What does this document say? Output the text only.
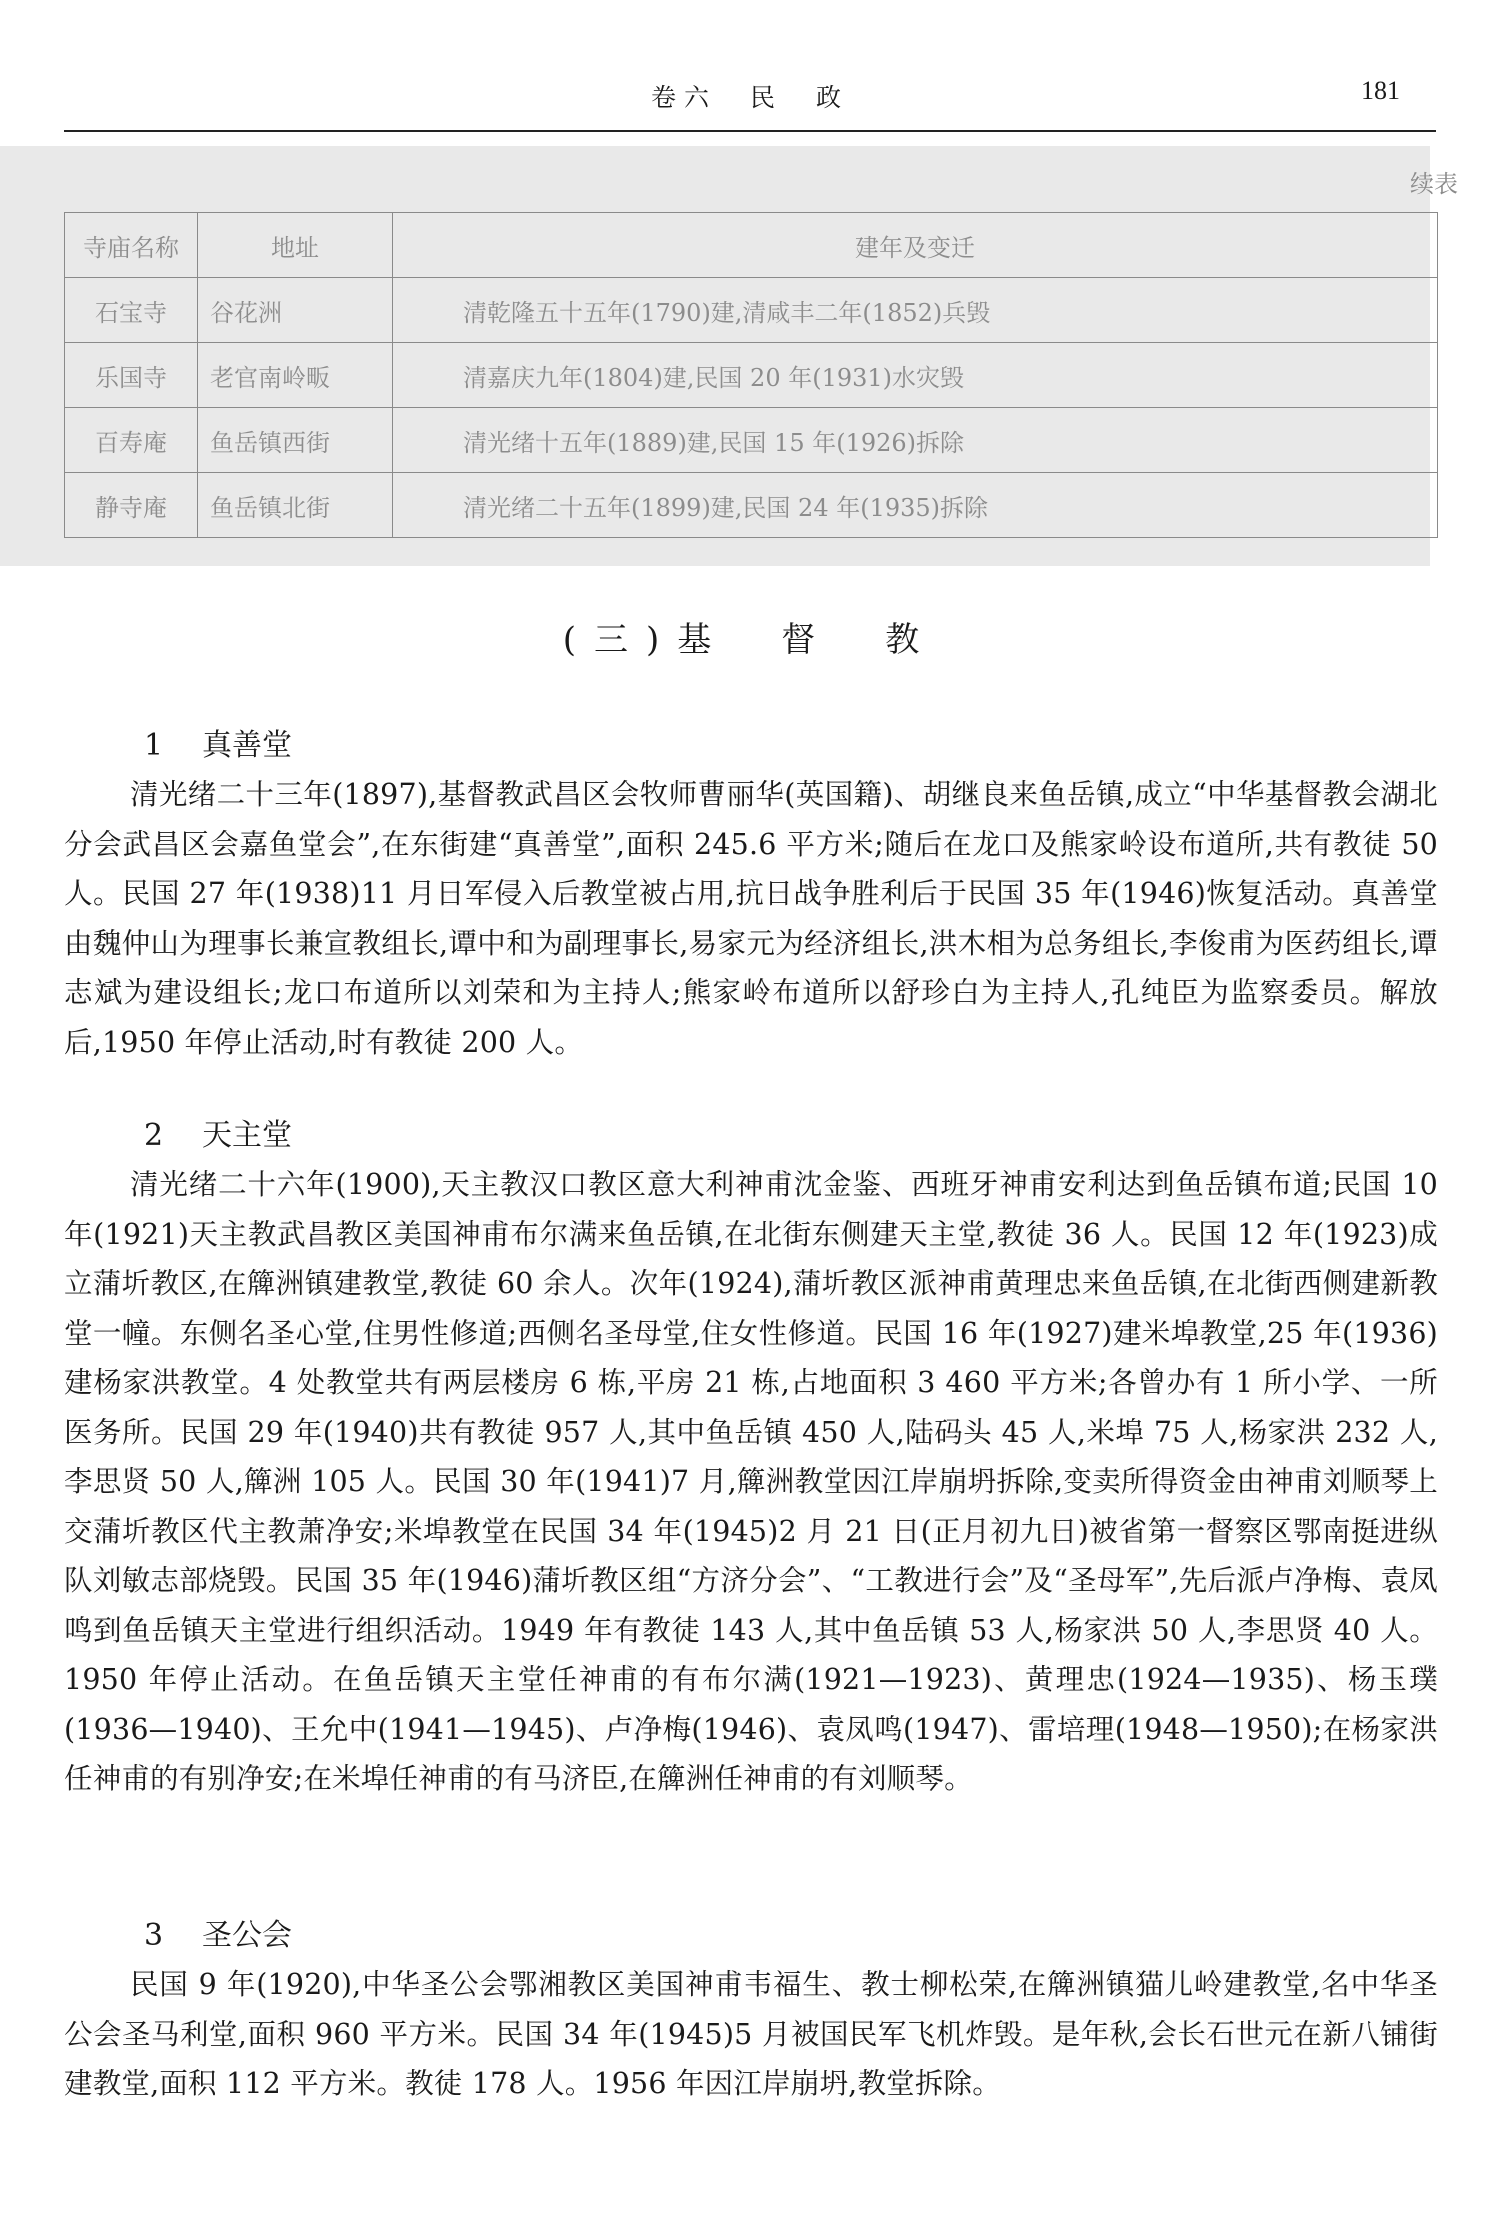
卷六　民　政	181
续表
寺庙名称	地址	建年及变迁
石宝寺	谷花洲	清乾隆五十五年(1790)建,清咸丰二年(1852)兵毁
乐国寺	老官南岭畈	清嘉庆九年(1804)建,民国 20 年(1931)水灾毁
百寿庵	鱼岳镇西街	清光绪十五年(1889)建,民国 15 年(1926)拆除
静寺庵	鱼岳镇北街	清光绪二十五年(1899)建,民国 24 年(1935)拆除
(三)基　督　教
1 真善堂

清光绪二十三年(1897),基督教武昌区会牧师曹丽华(英国籍)、胡继良来鱼岳镇,成立“中华基督教会湖北分会武昌区会嘉鱼堂会”,在东街建“真善堂”,面积 245.6 平方米;随后在龙口及熊家岭设布道所,共有教徒 50 人。民国 27 年(1938)11 月日军侵入后教堂被占用,抗日战争胜利后于民国 35 年(1946)恢复活动。真善堂由魏仲山为理事长兼宣教组长,谭中和为副理事长,易家元为经济组长,洪木相为总务组长,李俊甫为医药组长,谭志斌为建设组长;龙口布道所以刘荣和为主持人;熊家岭布道所以舒珍白为主持人,孔纯臣为监察委员。解放后,1950 年停止活动,时有教徒 200 人。

2 天主堂

清光绪二十六年(1900),天主教汉口教区意大利神甫沈金鉴、西班牙神甫安利达到鱼岳镇布道;民国 10 年(1921)天主教武昌教区美国神甫布尔满来鱼岳镇,在北街东侧建天主堂,教徒 36 人。民国 12 年(1923)成立蒲圻教区,在簰洲镇建教堂,教徒 60 余人。次年(1924),蒲圻教区派神甫黄理忠来鱼岳镇,在北街西侧建新教堂一幢。东侧名圣心堂,住男性修道;西侧名圣母堂,住女性修道。民国 16 年(1927)建米埠教堂,25 年(1936)建杨家洪教堂。4 处教堂共有两层楼房 6 栋,平房 21 栋,占地面积 3 460 平方米;各曾办有 1 所小学、一所医务所。民国 29 年(1940)共有教徒 957 人,其中鱼岳镇 450 人,陆码头 45 人,米埠 75 人,杨家洪 232 人,李思贤 50 人,簰洲 105 人。民国 30 年(1941)7 月,簰洲教堂因江岸崩坍拆除,变卖所得资金由神甫刘顺琴上交蒲圻教区代主教萧净安;米埠教堂在民国 34 年(1945)2 月 21 日(正月初九日)被省第一督察区鄂南挺进纵队刘敏志部烧毁。民国 35 年(1946)蒲圻教区组“方济分会”、“工教进行会”及“圣母军”,先后派卢净梅、袁凤鸣到鱼岳镇天主堂进行组织活动。1949 年有教徒 143 人,其中鱼岳镇 53 人,杨家洪 50 人,李思贤 40 人。1950 年停止活动。在鱼岳镇天主堂任神甫的有布尔满(1921—1923)、黄理忠(1924—1935)、杨玉璞(1936—1940)、王允中(1941—1945)、卢净梅(1946)、袁凤鸣(1947)、雷培理(1948—1950);在杨家洪任神甫的有别净安;在米埠任神甫的有马济臣,在簰洲任神甫的有刘顺琴。

3 圣公会

民国 9 年(1920),中华圣公会鄂湘教区美国神甫韦福生、教士柳松荣,在簰洲镇猫儿岭建教堂,名中华圣公会圣马利堂,面积 960 平方米。民国 34 年(1945)5 月被国民军飞机炸毁。是年秋,会长石世元在新八铺街建教堂,面积 112 平方米。教徒 178 人。1956 年因江岸崩坍,教堂拆除。
